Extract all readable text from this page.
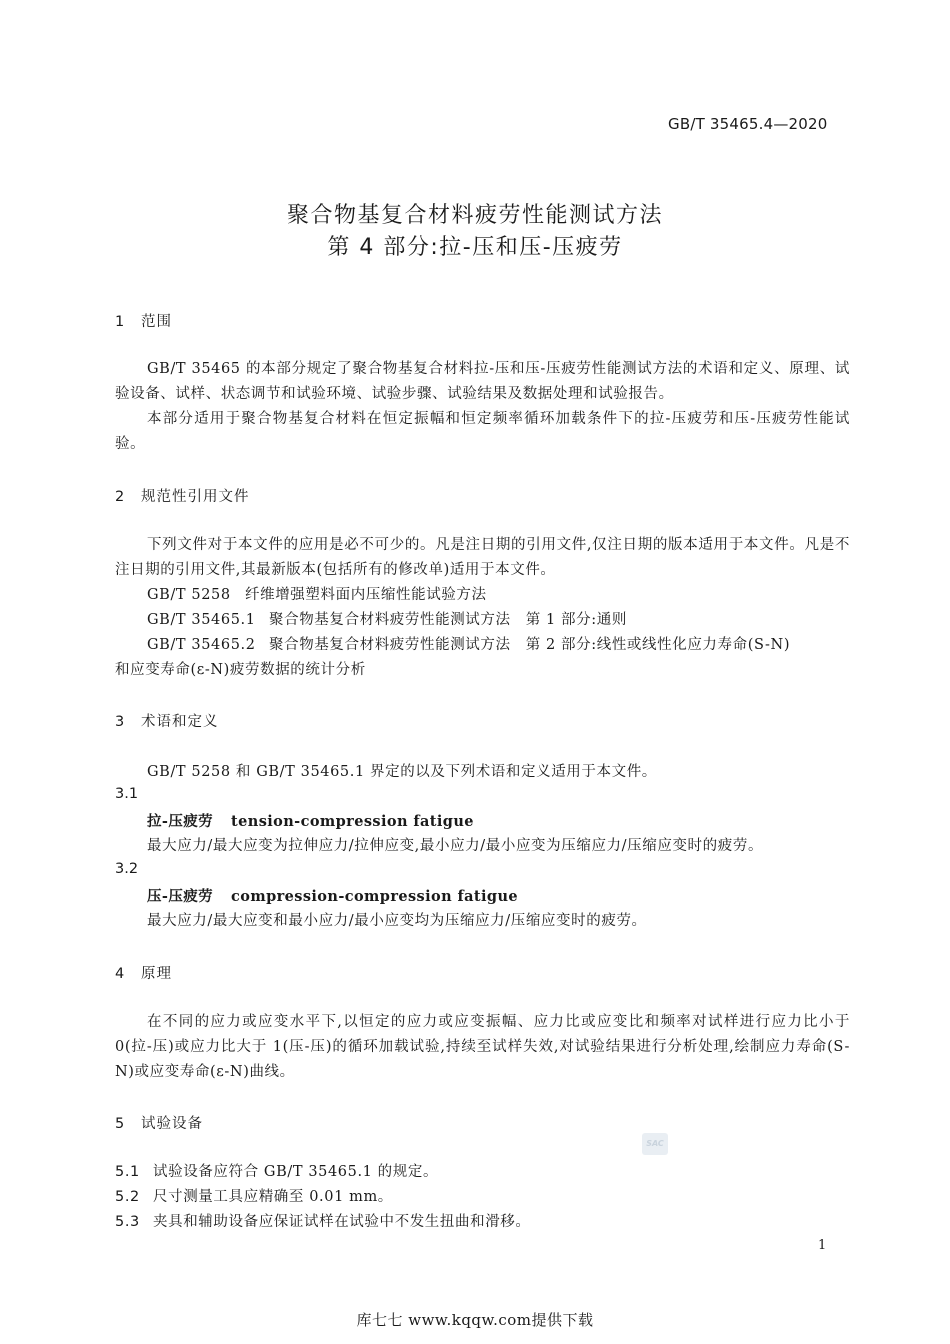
GB/T 35465.4—2020
聚合物基复合材料疲劳性能测试方法
第 4 部分:拉-压和压-压疲劳
1 范围
GB/T 35465 的本部分规定了聚合物基复合材料拉-压和压-压疲劳性能测试方法的术语和定义、原理、试验设备、试样、状态调节和试验环境、试验步骤、试验结果及数据处理和试验报告。
本部分适用于聚合物基复合材料在恒定振幅和恒定频率循环加载条件下的拉-压疲劳和压-压疲劳性能试验。
2 规范性引用文件
下列文件对于本文件的应用是必不可少的。凡是注日期的引用文件,仅注日期的版本适用于本文件。凡是不注日期的引用文件,其最新版本(包括所有的修改单)适用于本文件。
GB/T 5258 纤维增强塑料面内压缩性能试验方法
GB/T 35465.1 聚合物基复合材料疲劳性能测试方法　第 1 部分:通则
GB/T 35465.2 聚合物基复合材料疲劳性能测试方法　第 2 部分:线性或线性化应力寿命(S-N)
和应变寿命(ε-N)疲劳数据的统计分析
3 术语和定义
GB/T 5258 和 GB/T 35465.1 界定的以及下列术语和定义适用于本文件。
3.1
拉-压疲劳 tension-compression fatigue
最大应力/最大应变为拉伸应力/拉伸应变,最小应力/最小应变为压缩应力/压缩应变时的疲劳。
3.2
压-压疲劳 compression-compression fatigue
最大应力/最大应变和最小应力/最小应变均为压缩应力/压缩应变时的疲劳。
4 原理
在不同的应力或应变水平下,以恒定的应力或应变振幅、应力比或应变比和频率对试样进行应力比小于 0(拉-压)或应力比大于 1(压-压)的循环加载试验,持续至试样失效,对试验结果进行分析处理,绘制应力寿命(S-N)或应变寿命(ε-N)曲线。
5 试验设备
SAC
5.1 试验设备应符合 GB/T 35465.1 的规定。
5.2 尺寸测量工具应精确至 0.01 mm。
5.3 夹具和辅助设备应保证试样在试验中不发生扭曲和滑移。
1
库七七 www.kqqw.com提供下载
